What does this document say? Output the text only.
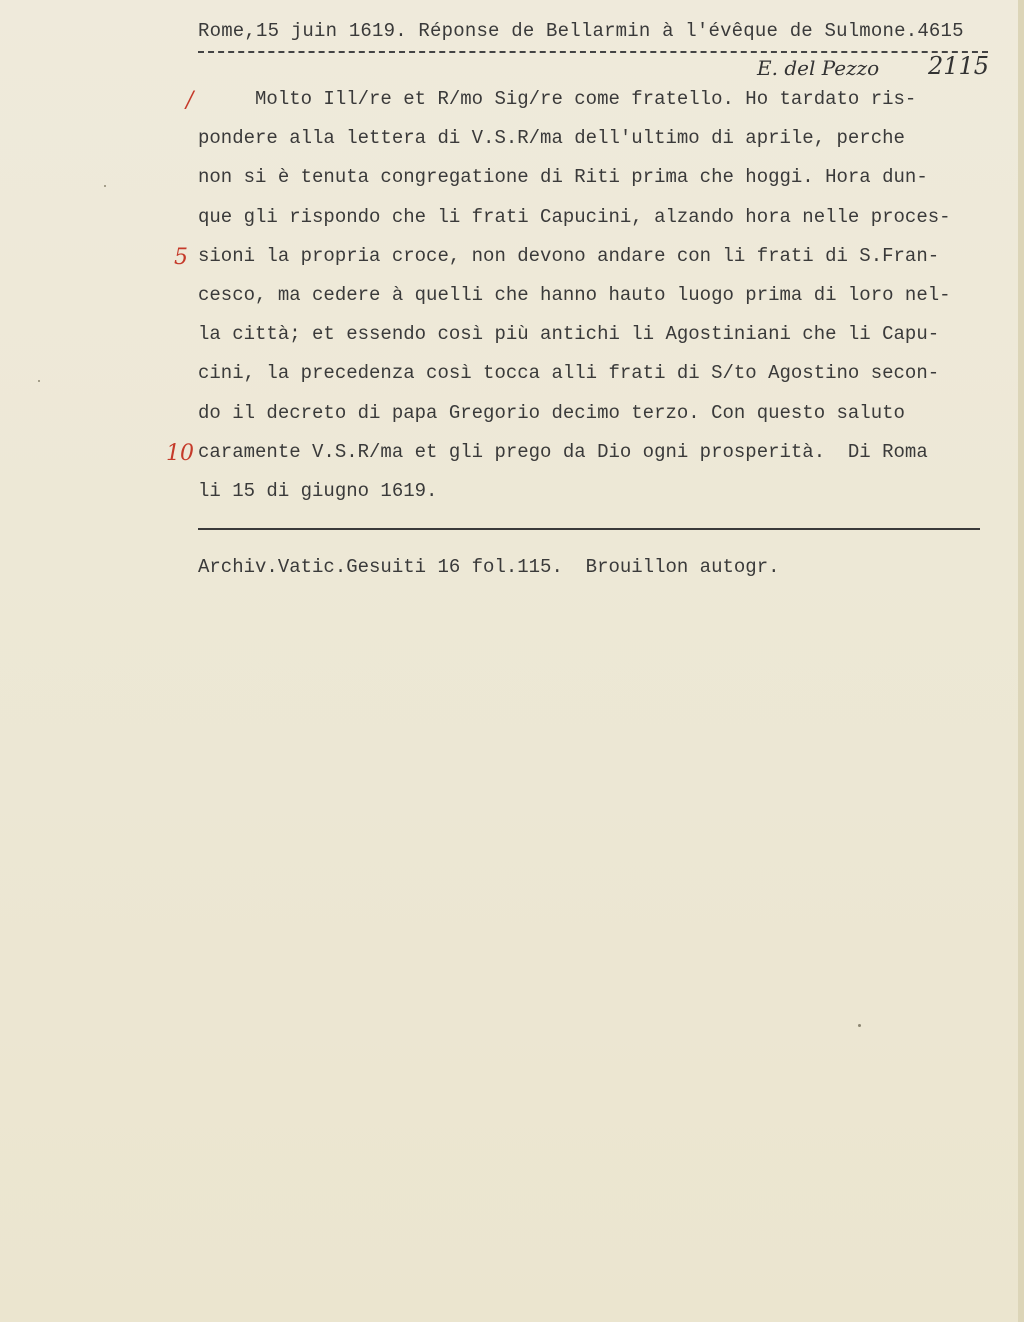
Rome,15 juin 1619. Réponse de Bellarmin à l'évêque de Sulmone.4615
E. del Pezzo 2115
/
5
10
Molto Ill/re et R/mo Sig/re come fratello. Ho tardato ris-
pondere alla lettera di V.S.R/ma dell'ultimo di aprile, perche
non si è tenuta congregatione di Riti prima che hoggi. Hora dun-
que gli rispondo che li frati Capucini, alzando hora nelle proces-
sioni la propria croce, non devono andare con li frati di S.Fran-
cesco, ma cedere à quelli che hanno hauto luogo prima di loro nel-
la città; et essendo così più antichi li Agostiniani che li Capu-
cini, la precedenza così tocca alli frati di S/to Agostino secon-
do il decreto di papa Gregorio decimo terzo. Con questo saluto
caramente V.S.R/ma et gli prego da Dio ogni prosperità.  Di Roma
li 15 di giugno 1619.
Archiv.Vatic.Gesuiti 16 fol.115.  Brouillon autogr.
